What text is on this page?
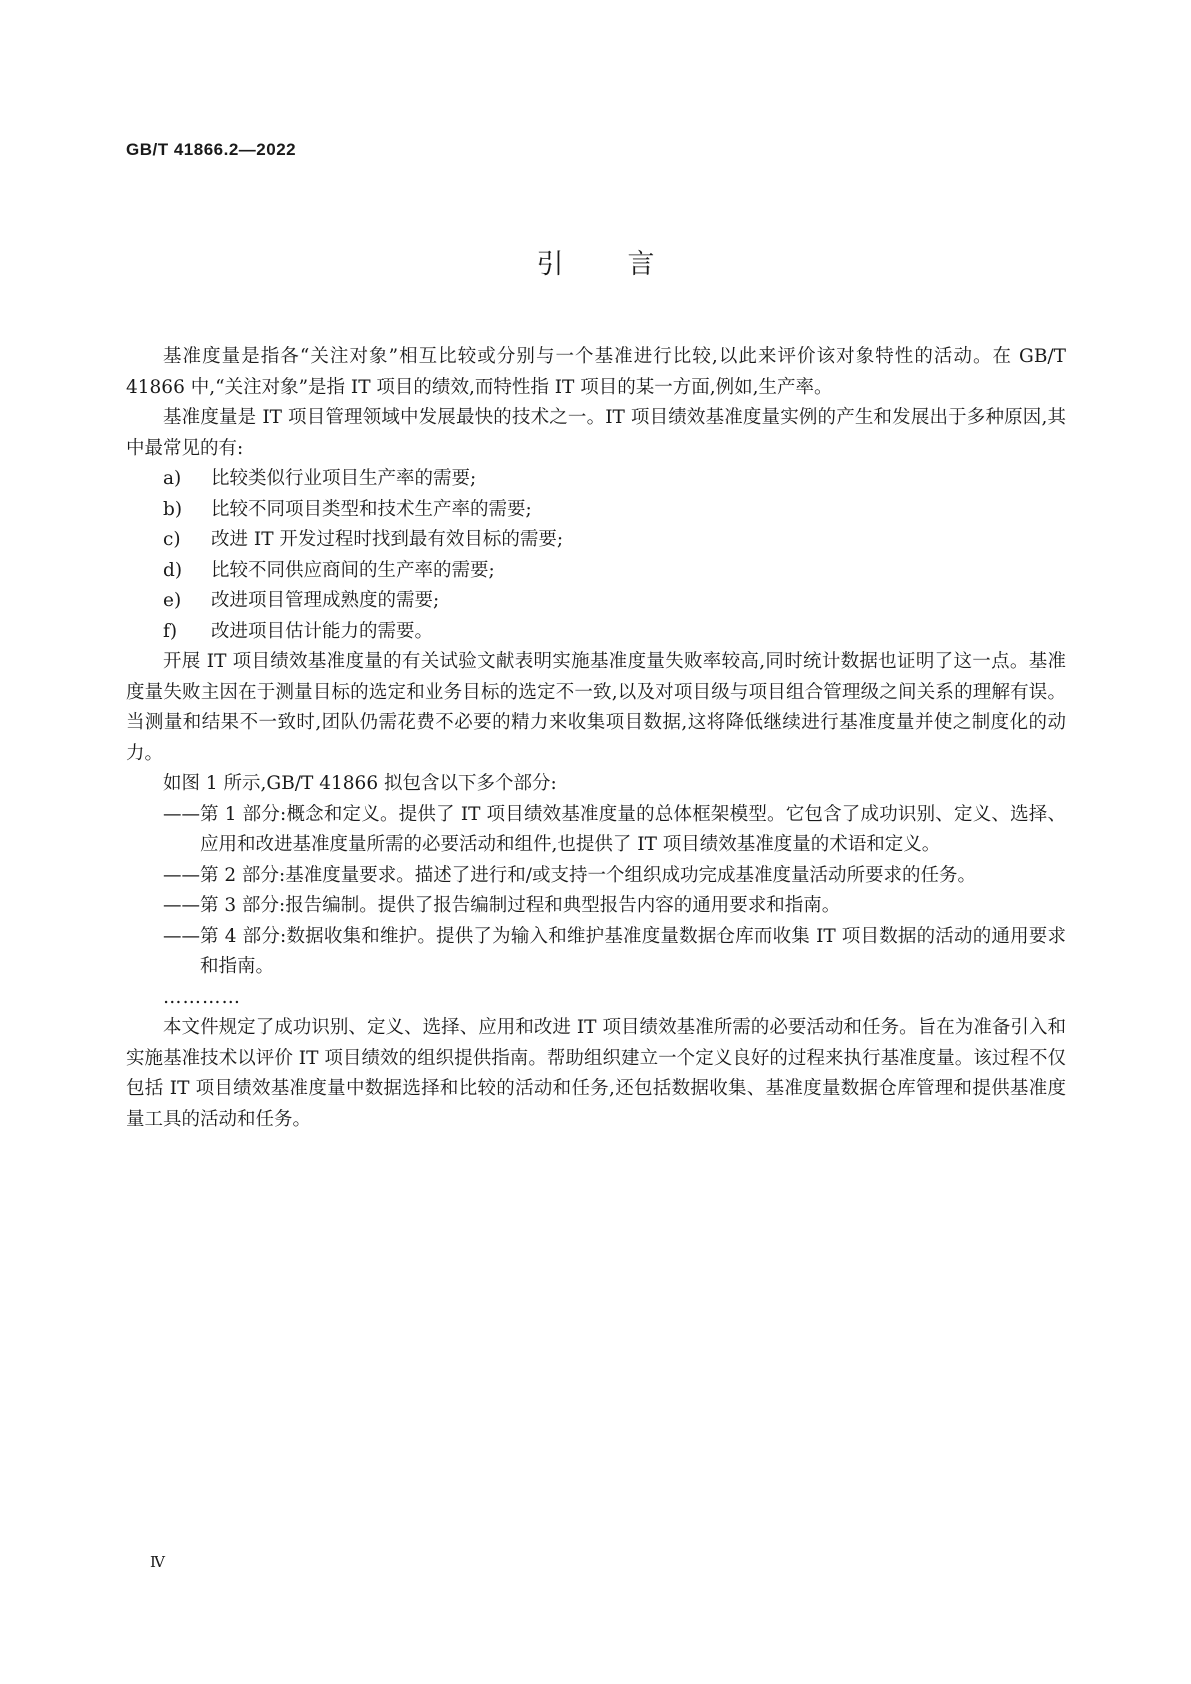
GB/T 41866.2—2022
引 言

基准度量是指各“关注对象”相互比较或分别与一个基准进行比较,以此来评价该对象特性的活动。在 GB/T 41866 中,“关注对象”是指 IT 项目的绩效,而特性指 IT 项目的某一方面,例如,生产率。

基准度量是 IT 项目管理领域中发展最快的技术之一。IT 项目绩效基准度量实例的产生和发展出于多种原因,其中最常见的有:

a)	比较类似行业项目生产率的需要;

b)	比较不同项目类型和技术生产率的需要;

c)	改进 IT 开发过程时找到最有效目标的需要;

d)	比较不同供应商间的生产率的需要;

e)	改进项目管理成熟度的需要;

f)	改进项目估计能力的需要。

开展 IT 项目绩效基准度量的有关试验文献表明实施基准度量失败率较高,同时统计数据也证明了这一点。基准度量失败主因在于测量目标的选定和业务目标的选定不一致,以及对项目级与项目组合管理级之间关系的理解有误。当测量和结果不一致时,团队仍需花费不必要的精力来收集项目数据,这将降低继续进行基准度量并使之制度化的动力。

如图 1 所示,GB/T 41866 拟包含以下多个部分:

—— 第 1 部分:概念和定义。提供了 IT 项目绩效基准度量的总体框架模型。它包含了成功识别、定义、选择、应用和改进基准度量所需的必要活动和组件,也提供了 IT 项目绩效基准度量的术语和定义。

—— 第 2 部分:基准度量要求。描述了进行和/或支持一个组织成功完成基准度量活动所要求的任务。

—— 第 3 部分:报告编制。提供了报告编制过程和典型报告内容的通用要求和指南。

—— 第 4 部分:数据收集和维护。提供了为输入和维护基准度量数据仓库而收集 IT 项目数据的活动的通用要求和指南。

…………

本文件规定了成功识别、定义、选择、应用和改进 IT 项目绩效基准所需的必要活动和任务。旨在为准备引入和实施基准技术以评价 IT 项目绩效的组织提供指南。帮助组织建立一个定义良好的过程来执行基准度量。该过程不仅包括 IT 项目绩效基准度量中数据选择和比较的活动和任务,还包括数据收集、基准度量数据仓库管理和提供基准度量工具的活动和任务。

Ⅳ
